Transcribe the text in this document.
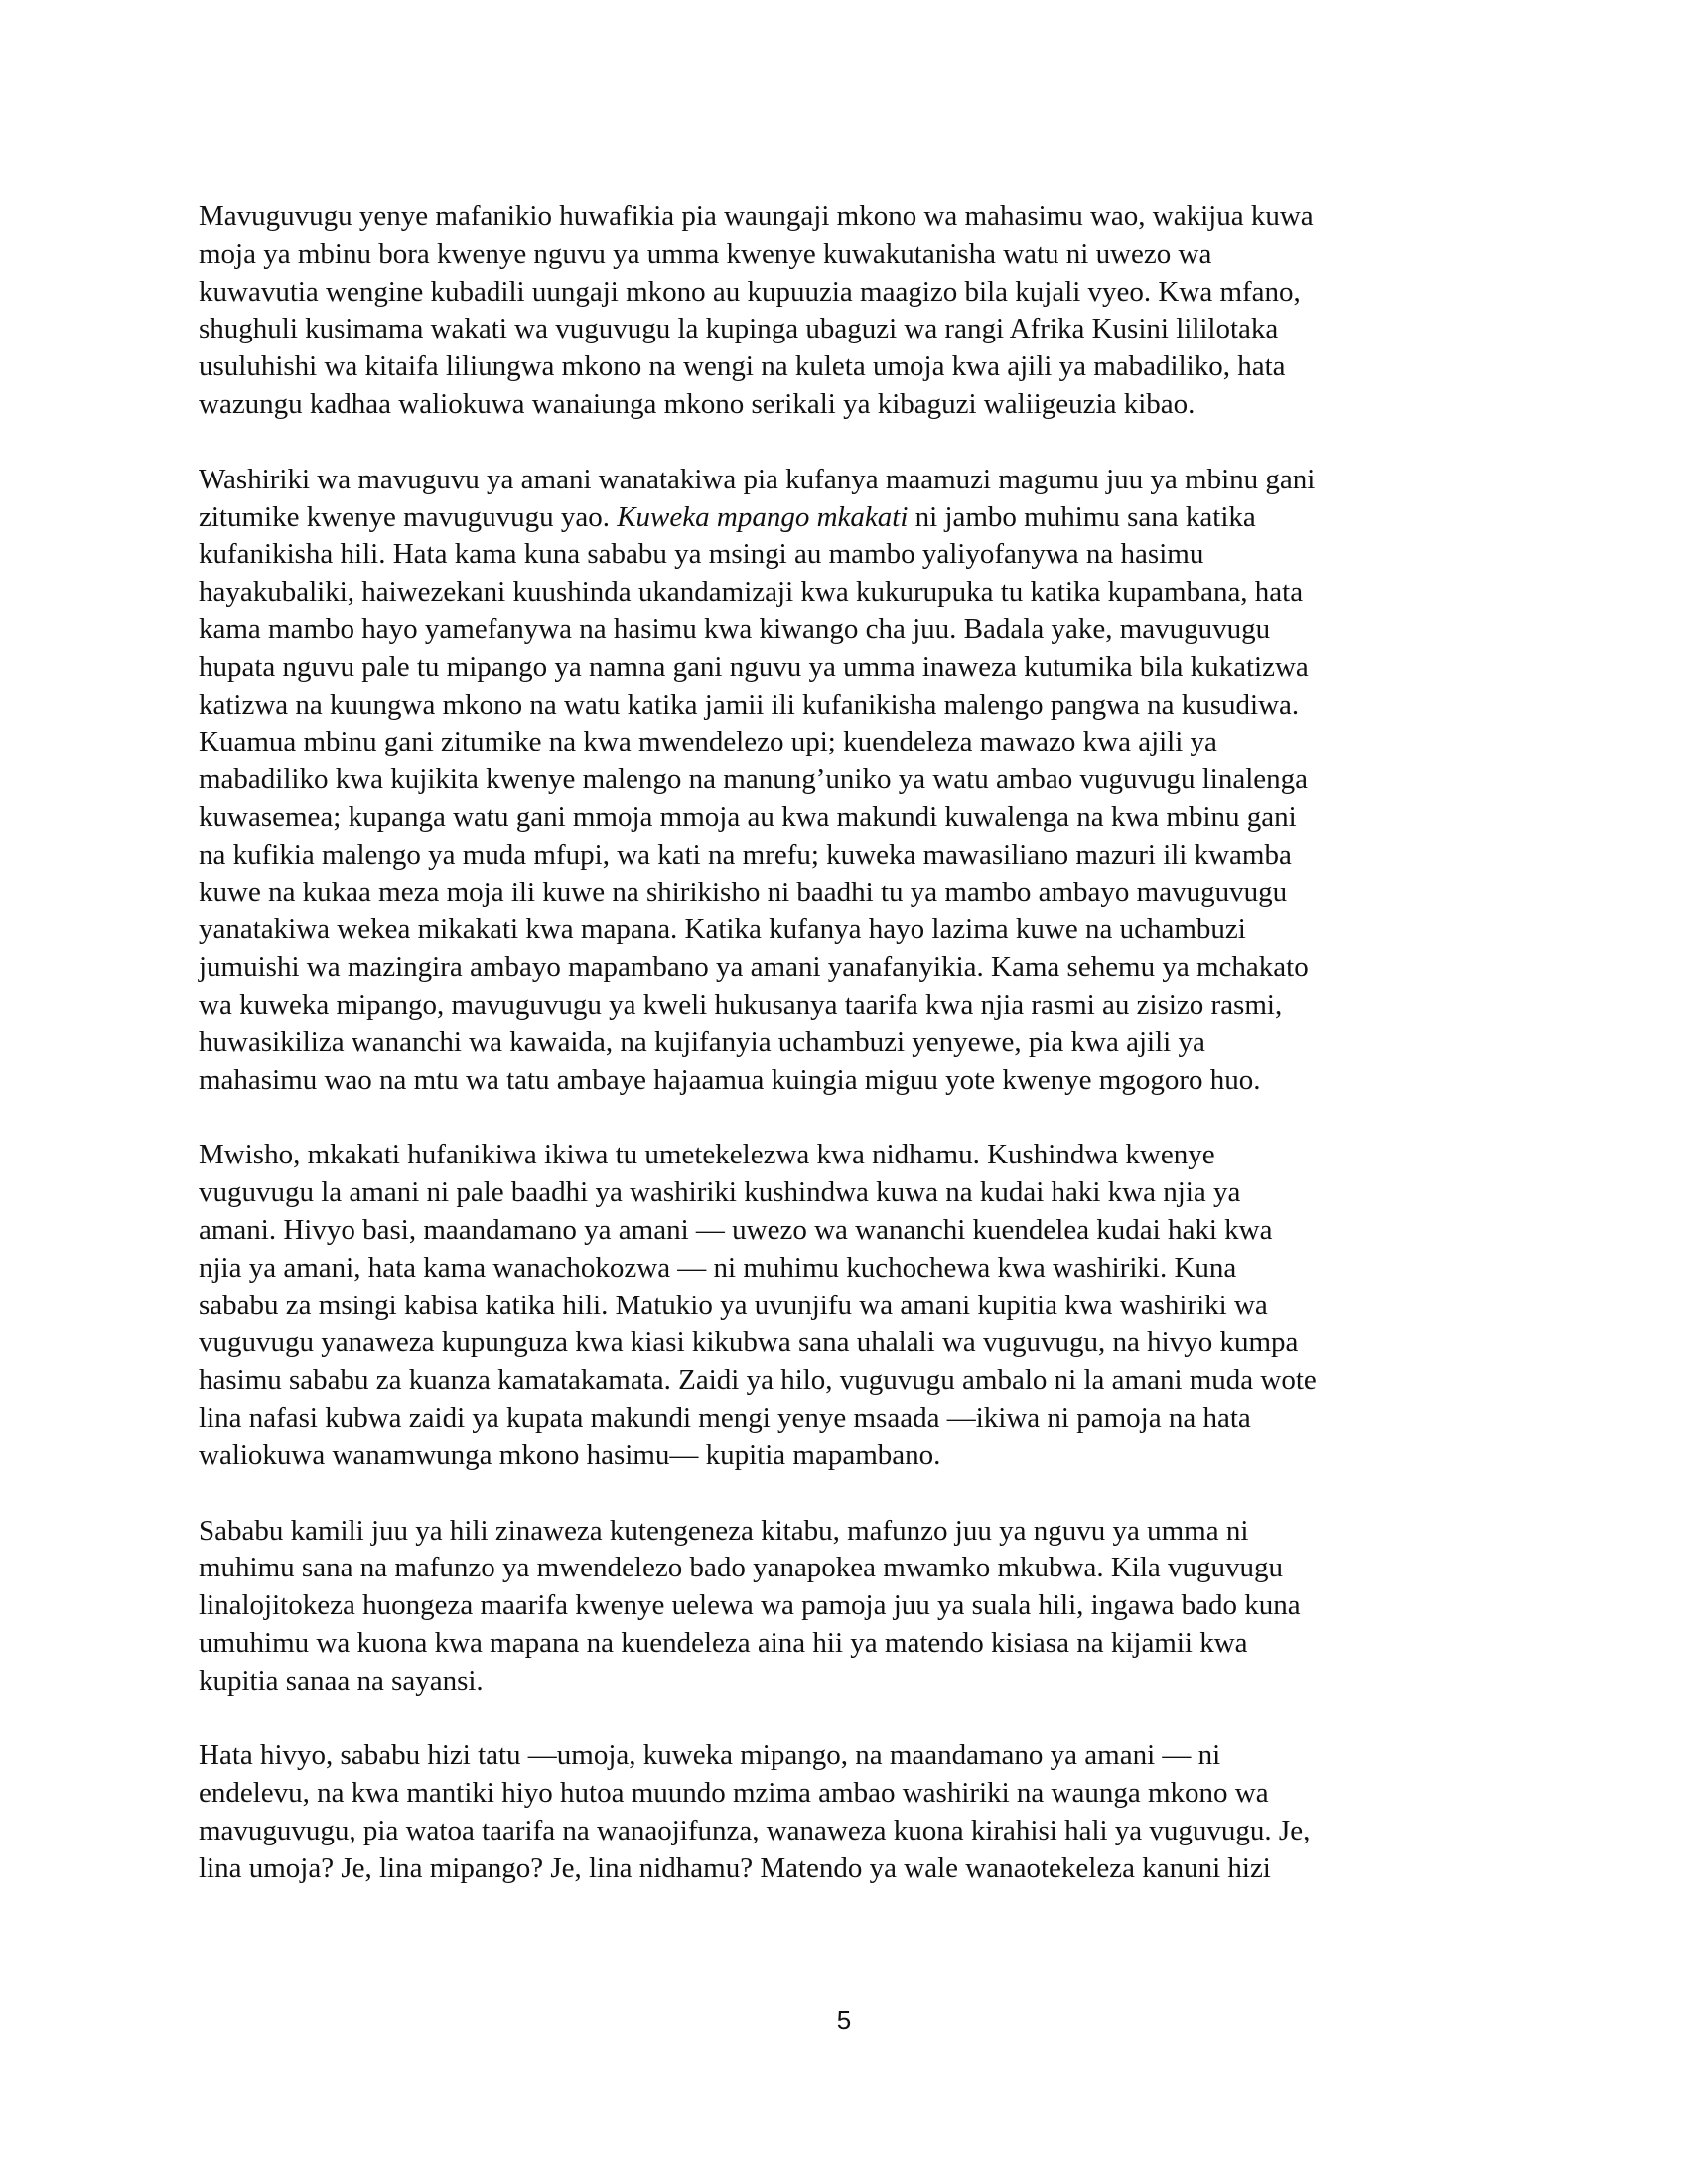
Mavuguvugu yenye mafanikio huwafikia pia waungaji mkono wa mahasimu wao, wakijua kuwa
moja ya mbinu bora kwenye nguvu ya umma kwenye kuwakutanisha watu ni uwezo wa
kuwavutia wengine kubadili uungaji mkono au kupuuzia maagizo bila kujali vyeo. Kwa mfano,
shughuli kusimama wakati wa vuguvugu la kupinga ubaguzi wa rangi Afrika Kusini lililotaka
usuluhishi wa kitaifa liliungwa mkono na wengi na kuleta umoja kwa ajili ya mabadiliko, hata
wazungu kadhaa waliokuwa wanaiunga mkono serikali ya kibaguzi waliigeuzia kibao.

Washiriki wa mavuguvu ya amani wanatakiwa pia kufanya maamuzi magumu juu ya mbinu gani
zitumike kwenye mavuguvugu yao. Kuweka mpango mkakati ni jambo muhimu sana katika
kufanikisha hili. Hata kama kuna sababu ya msingi au mambo yaliyofanywa na hasimu
hayakubaliki, haiwezekani kuushinda ukandamizaji kwa kukurupuka tu katika kupambana, hata
kama mambo hayo yamefanywa na hasimu kwa kiwango cha juu. Badala yake, mavuguvugu
hupata nguvu pale tu mipango ya namna gani nguvu ya umma inaweza kutumika bila kukatizwa
katizwa na kuungwa mkono na watu katika jamii ili kufanikisha malengo pangwa na kusudiwa.
Kuamua mbinu gani zitumike na kwa mwendelezo upi; kuendeleza mawazo kwa ajili ya
mabadiliko kwa kujikita kwenye malengo na manung’uniko ya watu ambao vuguvugu linalenga
kuwasemea; kupanga watu gani mmoja mmoja au kwa makundi kuwalenga na kwa mbinu gani
na kufikia malengo ya muda mfupi, wa kati na mrefu; kuweka mawasiliano mazuri ili kwamba
kuwe na kukaa meza moja ili kuwe na shirikisho ni baadhi tu ya mambo ambayo mavuguvugu
yanatakiwa wekea mikakati kwa mapana. Katika kufanya hayo lazima kuwe na uchambuzi
jumuishi wa mazingira ambayo mapambano ya amani yanafanyikia. Kama sehemu ya mchakato
wa kuweka mipango, mavuguvugu ya kweli hukusanya taarifa kwa njia rasmi au zisizo rasmi,
huwasikiliza wananchi wa kawaida, na kujifanyia uchambuzi yenyewe, pia kwa ajili ya
mahasimu wao na mtu wa tatu ambaye hajaamua kuingia miguu yote kwenye mgogoro huo.

Mwisho, mkakati hufanikiwa ikiwa tu umetekelezwa kwa nidhamu. Kushindwa kwenye
vuguvugu la amani ni pale baadhi ya washiriki kushindwa kuwa na kudai haki kwa njia ya
amani. Hivyo basi, maandamano ya amani — uwezo wa wananchi kuendelea kudai haki kwa
njia ya amani, hata kama wanachokozwa — ni muhimu kuchochewa kwa washiriki. Kuna
sababu za msingi kabisa katika hili. Matukio ya uvunjifu wa amani kupitia kwa washiriki wa
vuguvugu yanaweza kupunguza kwa kiasi kikubwa sana uhalali wa vuguvugu, na hivyo kumpa
hasimu sababu za kuanza kamatakamata. Zaidi ya hilo, vuguvugu ambalo ni la amani muda wote
lina nafasi kubwa zaidi ya kupata makundi mengi yenye msaada —ikiwa ni pamoja na hata
waliokuwa wanamwunga mkono hasimu— kupitia mapambano.

Sababu kamili juu ya hili zinaweza kutengeneza kitabu, mafunzo juu ya nguvu ya umma ni
muhimu sana na mafunzo ya mwendelezo bado yanapokea mwamko mkubwa. Kila vuguvugu
linalojitokeza huongeza maarifa kwenye uelewa wa pamoja juu ya suala hili, ingawa bado kuna
umuhimu wa kuona kwa mapana na kuendeleza aina hii ya matendo kisiasa na kijamii kwa
kupitia sanaa na sayansi.

Hata hivyo, sababu hizi tatu —umoja, kuweka mipango, na maandamano ya amani — ni
endelevu, na kwa mantiki hiyo hutoa muundo mzima ambao washiriki na waunga mkono wa
mavuguvugu, pia watoa taarifa na wanaojifunza, wanaweza kuona kirahisi hali ya vuguvugu. Je,
lina umoja? Je, lina mipango? Je, lina nidhamu? Matendo ya wale wanaotekeleza kanuni hizi

5
